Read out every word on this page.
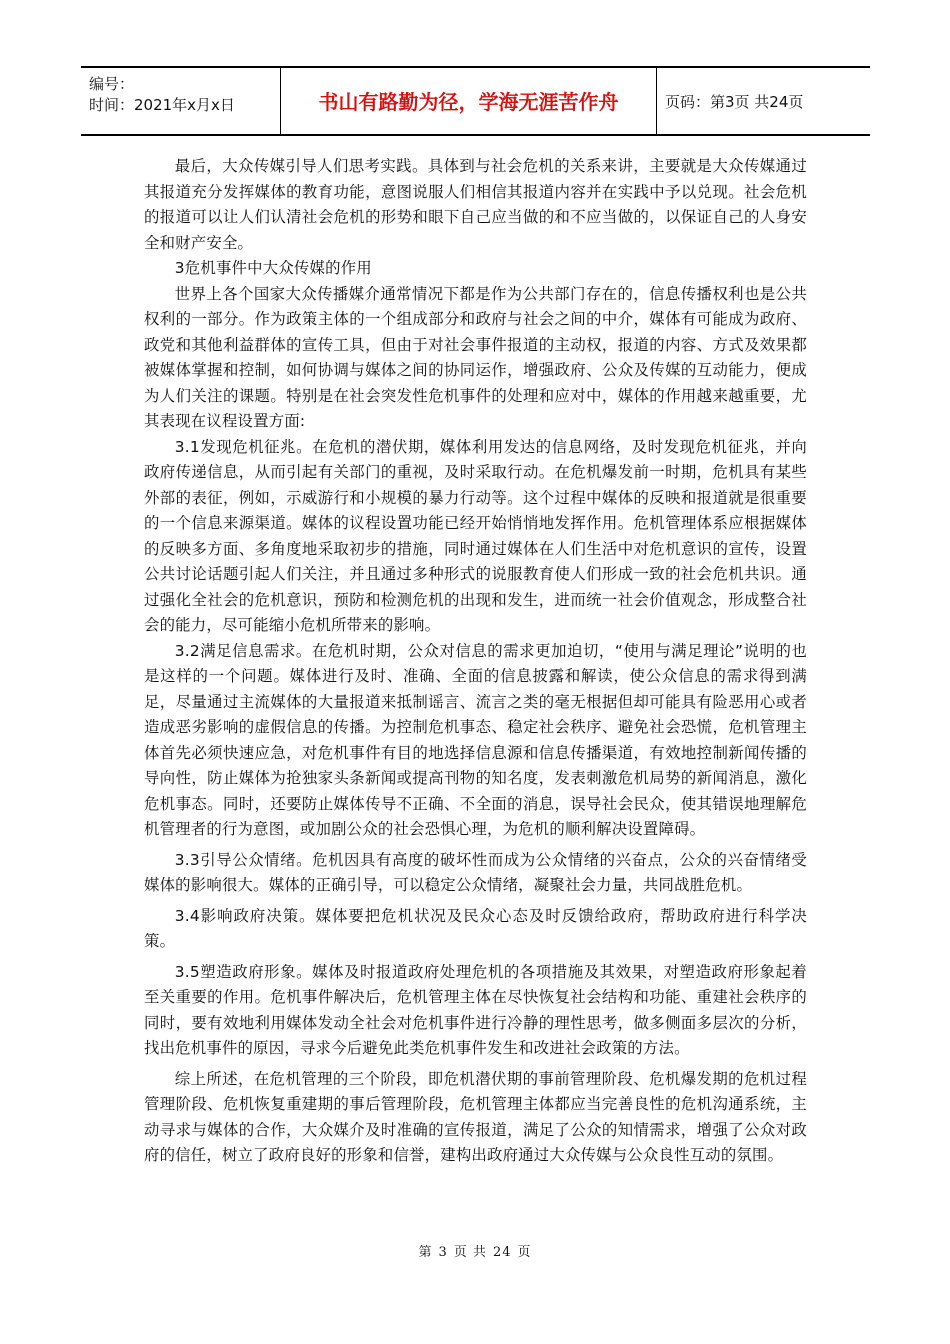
编号：
时间：2021年x月x日	书山有路勤为径，学海无涯苦作舟	页码：第3页 共24页

最后，大众传媒引导人们思考实践。具体到与社会危机的关系来讲，主要就是大众传媒通过其报道充分发挥媒体的教育功能，意图说服人们相信其报道内容并在实践中予以兑现。社会危机的报道可以让人们认清社会危机的形势和眼下自己应当做的和不应当做的，以保证自己的人身安全和财产安全。

3危机事件中大众传媒的作用

世界上各个国家大众传播媒介通常情况下都是作为公共部门存在的，信息传播权利也是公共权利的一部分。作为政策主体的一个组成部分和政府与社会之间的中介，媒体有可能成为政府、政党和其他利益群体的宣传工具，但由于对社会事件报道的主动权，报道的内容、方式及效果都被媒体掌握和控制，如何协调与媒体之间的协同运作，增强政府、公众及传媒的互动能力，便成为人们关注的课题。特别是在社会突发性危机事件的处理和应对中，媒体的作用越来越重要，尤其表现在议程设置方面:

3.1发现危机征兆。在危机的潜伏期，媒体利用发达的信息网络，及时发现危机征兆，并向政府传递信息，从而引起有关部门的重视，及时采取行动。在危机爆发前一时期，危机具有某些外部的表征，例如，示威游行和小规模的暴力行动等。这个过程中媒体的反映和报道就是很重要的一个信息来源渠道。媒体的议程设置功能已经开始悄悄地发挥作用。危机管理体系应根据媒体的反映多方面、多角度地采取初步的措施，同时通过媒体在人们生活中对危机意识的宣传，设置公共讨论话题引起人们关注，并且通过多种形式的说服教育使人们形成一致的社会危机共识。通过强化全社会的危机意识，预防和检测危机的出现和发生，进而统一社会价值观念，形成整合社会的能力，尽可能缩小危机所带来的影响。

3.2满足信息需求。在危机时期，公众对信息的需求更加迫切，“使用与满足理论”说明的也是这样的一个问题。媒体进行及时、准确、全面的信息披露和解读，使公众信息的需求得到满足，尽量通过主流媒体的大量报道来抵制谣言、流言之类的毫无根据但却可能具有险恶用心或者造成恶劣影响的虚假信息的传播。为控制危机事态、稳定社会秩序、避免社会恐慌，危机管理主体首先必须快速应急，对危机事件有目的地选择信息源和信息传播渠道，有效地控制新闻传播的导向性，防止媒体为抢独家头条新闻或提高刊物的知名度，发表刺激危机局势的新闻消息，激化危机事态。同时，还要防止媒体传导不正确、不全面的消息，误导社会民众，使其错误地理解危机管理者的行为意图，或加剧公众的社会恐惧心理，为危机的顺利解决设置障碍。

3.3引导公众情绪。危机因具有高度的破坏性而成为公众情绪的兴奋点，公众的兴奋情绪受媒体的影响很大。媒体的正确引导，可以稳定公众情绪，凝聚社会力量，共同战胜危机。

3.4影响政府决策。媒体要把危机状况及民众心态及时反馈给政府，帮助政府进行科学决策。

3.5塑造政府形象。媒体及时报道政府处理危机的各项措施及其效果，对塑造政府形象起着至关重要的作用。危机事件解决后，危机管理主体在尽快恢复社会结构和功能、重建社会秩序的同时，要有效地利用媒体发动全社会对危机事件进行冷静的理性思考，做多侧面多层次的分析，找出危机事件的原因，寻求今后避免此类危机事件发生和改进社会政策的方法。

综上所述，在危机管理的三个阶段，即危机潜伏期的事前管理阶段、危机爆发期的危机过程管理阶段、危机恢复重建期的事后管理阶段，危机管理主体都应当完善良性的危机沟通系统，主动寻求与媒体的合作，大众媒介及时准确的宣传报道，满足了公众的知情需求，增强了公众对政府的信任，树立了政府良好的形象和信誉，建构出政府通过大众传媒与公众良性互动的氛围。

第 3 页 共 24 页
